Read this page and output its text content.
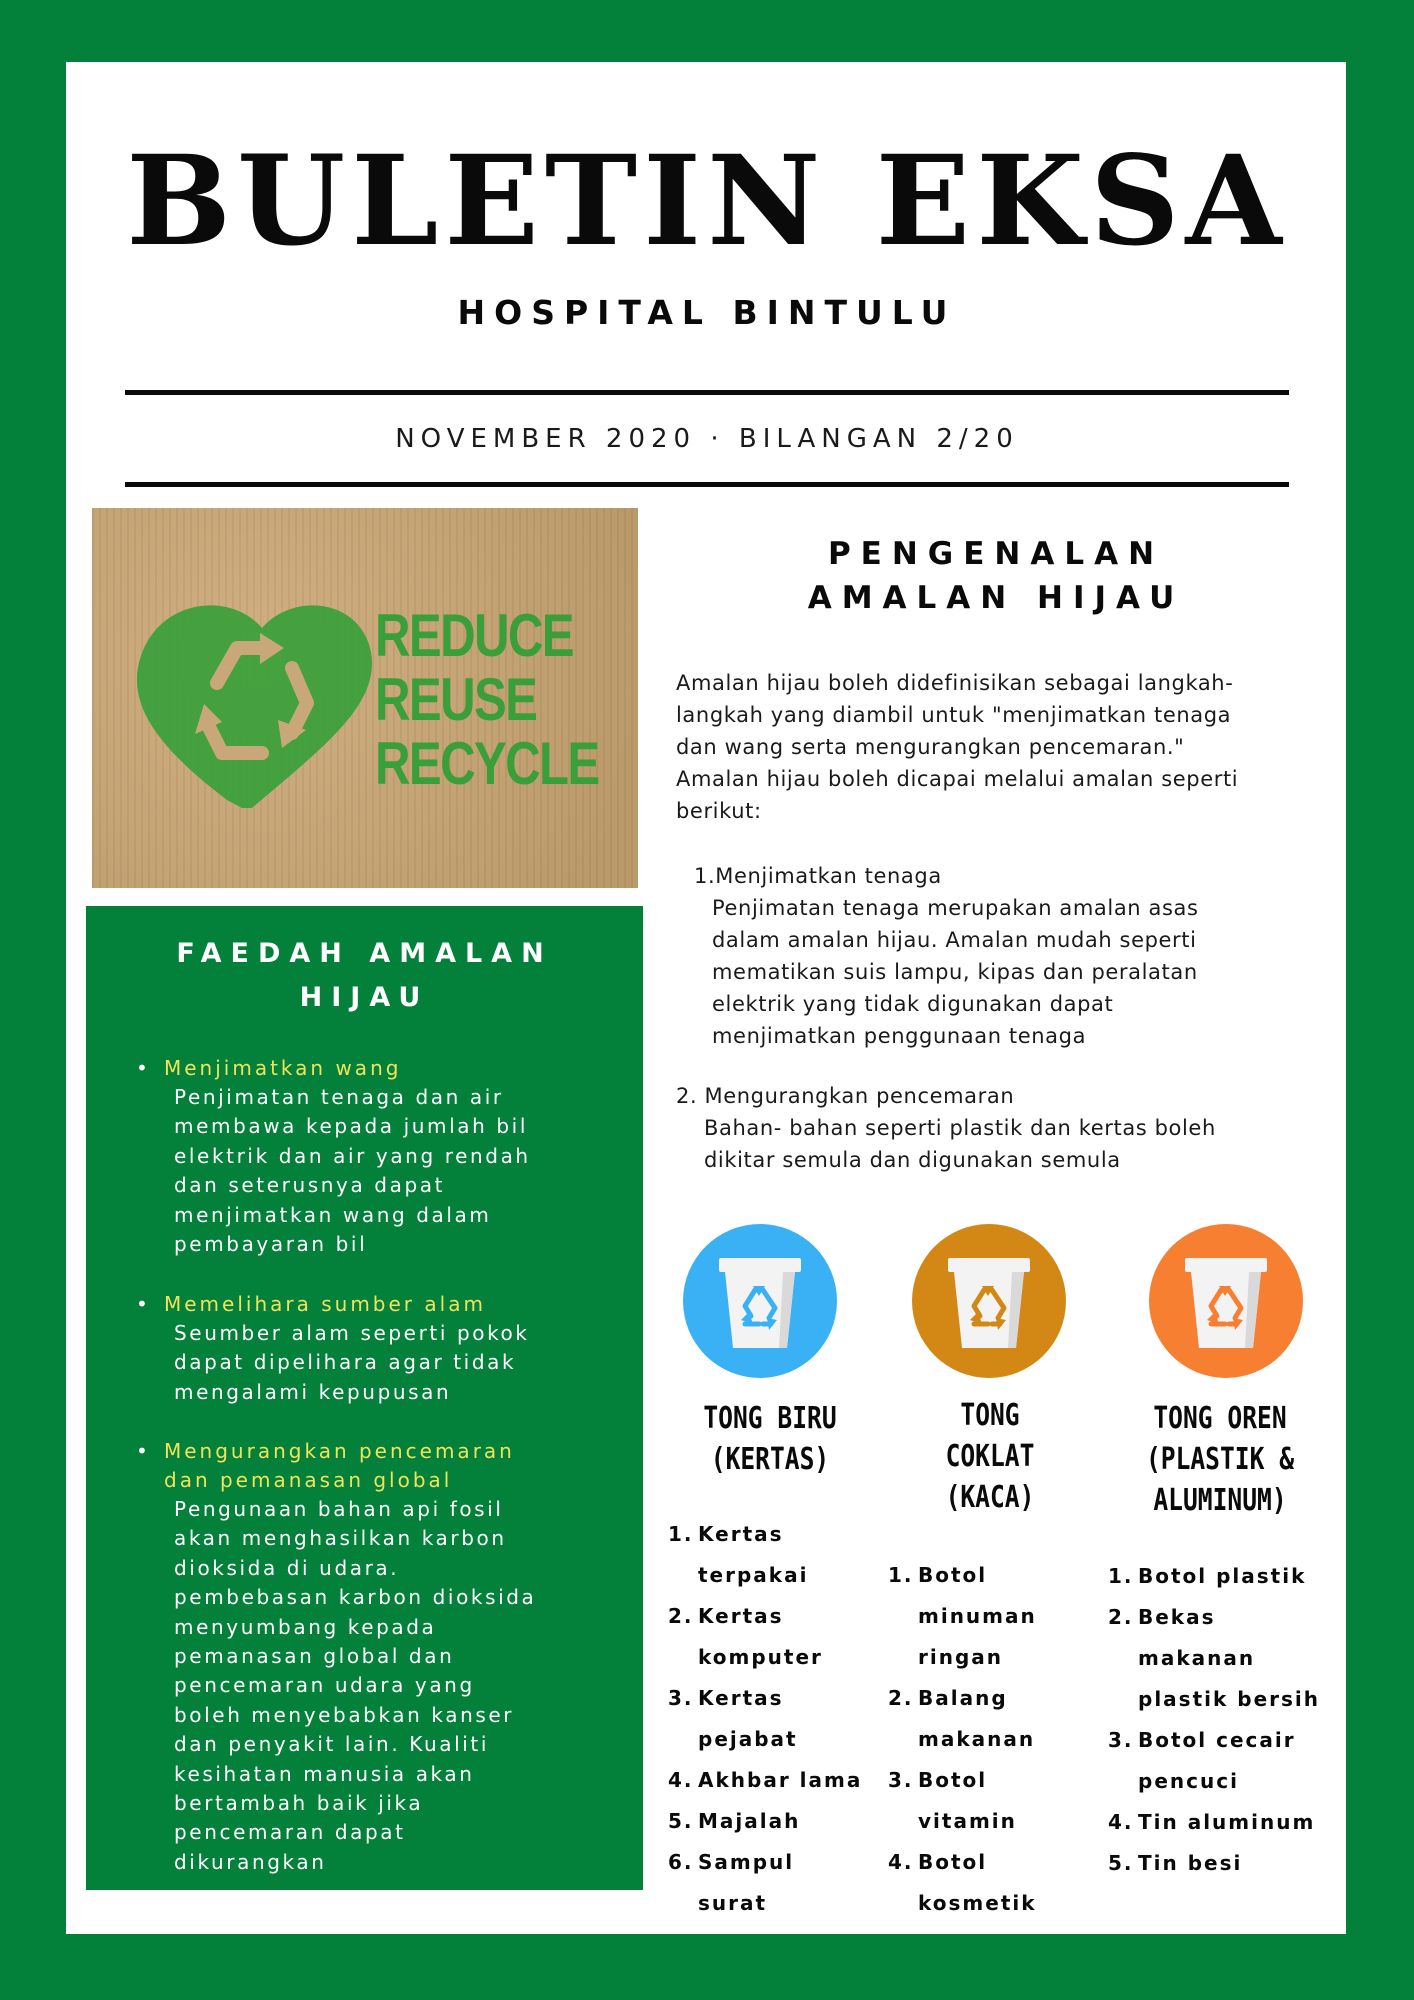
BULETIN EKSA
HOSPITAL BINTULU
NOVEMBER 2020 · BILANGAN 2/20
REDUCE
REUSE
RECYCLE
FAEDAH AMALAN
HIJAU
• Menjimatkan wang
Penjimatan tenaga dan air
membawa kepada jumlah bil
elektrik dan air yang rendah
dan seterusnya dapat
menjimatkan wang dalam
pembayaran bil
• Memelihara sumber alam
Seumber alam seperti pokok
dapat dipelihara agar tidak
mengalami kepupusan
• Mengurangkan pencemaran
dan pemanasan global
Pengunaan bahan api fosil
akan menghasilkan karbon
dioksida di udara.
pembebasan karbon dioksida
menyumbang kepada
pemanasan global dan
pencemaran udara yang
boleh menyebabkan kanser
dan penyakit lain. Kualiti
kesihatan manusia akan
bertambah baik jika
pencemaran dapat
dikurangkan
PENGENALAN
AMALAN HIJAU
Amalan hijau boleh didefinisikan sebagai langkah-
langkah yang diambil untuk "menjimatkan tenaga
dan wang serta mengurangkan pencemaran."
Amalan hijau boleh dicapai melalui amalan seperti
berikut:
1.Menjimatkan tenaga
Penjimatan tenaga merupakan amalan asas
dalam amalan hijau. Amalan mudah seperti
mematikan suis lampu, kipas dan peralatan
elektrik yang tidak digunakan dapat
menjimatkan penggunaan tenaga
2. Mengurangkan pencemaran
Bahan- bahan seperti plastik dan kertas boleh
dikitar semula dan digunakan semula
TONG BIRU
(KERTAS)
TONG
COKLAT
(KACA)
TONG OREN
(PLASTIK &
ALUMINUM)
1. Kertas
terpakai
2. Kertas
komputer
3. Kertas
pejabat
4. Akhbar lama
5. Majalah
6. Sampul
surat
1. Botol
minuman
ringan
2. Balang
makanan
3. Botol
vitamin
4. Botol
kosmetik
1. Botol plastik
2. Bekas
makanan
plastik bersih
3. Botol cecair
pencuci
4. Tin aluminum
5. Tin besi
